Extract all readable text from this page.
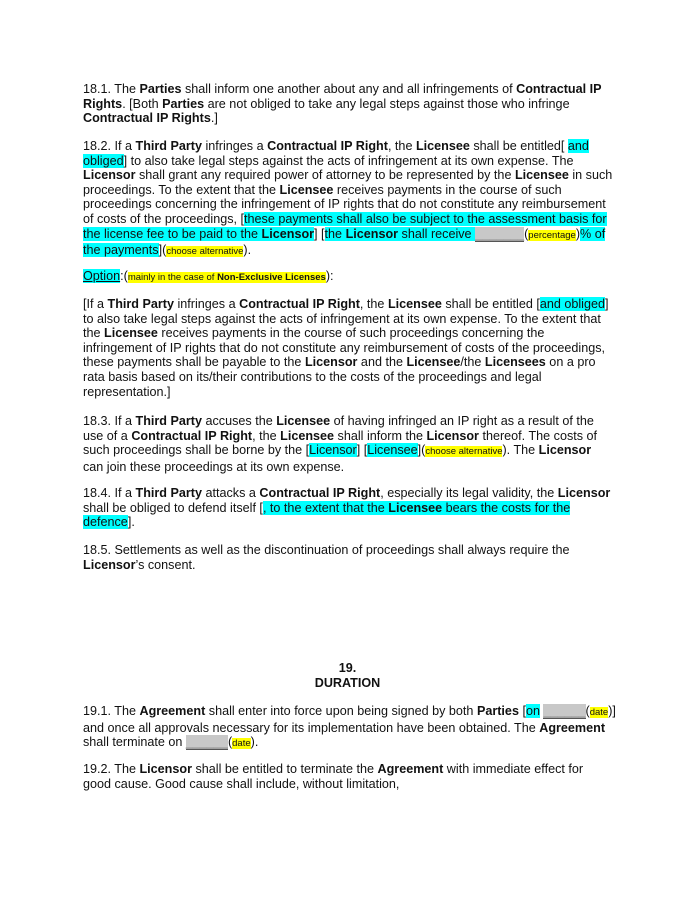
18.1. The Parties shall inform one another about any and all infringements of Contractual IP Rights. [Both Parties are not obliged to take any legal steps against those who infringe Contractual IP Rights.]
18.2. If a Third Party infringes a Contractual IP Right, the Licensee shall be entitled[ and obliged] to also take legal steps against the acts of infringement at its own expense. The Licensor shall grant any required power of attorney to be represented by the Licensee in such proceedings. To the extent that the Licensee receives payments in the course of such proceedings concerning the infringement of IP rights that do not constitute any reimbursement of costs of the proceedings, [these payments shall also be subject to the assessment basis for the license fee to be paid to the Licensor] [the Licensor shall receive _______(percentage)% of the payments](choose alternative).
Option:(mainly in the case of Non-Exclusive Licenses):
[If a Third Party infringes a Contractual IP Right, the Licensee shall be entitled [and obliged] to also take legal steps against the acts of infringement at its own expense. To the extent that the Licensee receives payments in the course of such proceedings concerning the infringement of IP rights that do not constitute any reimbursement of costs of the proceedings, these payments shall be payable to the Licensor and the Licensee/the Licensees on a pro rata basis based on its/their contributions to the costs of the proceedings and legal representation.]
18.3. If a Third Party accuses the Licensee of having infringed an IP right as a result of the use of a Contractual IP Right, the Licensee shall inform the Licensor thereof. The costs of such proceedings shall be borne by the [Licensor] [Licensee](choose alternative). The Licensor can join these proceedings at its own expense.
18.4. If a Third Party attacks a Contractual IP Right, especially its legal validity, the Licensor shall be obliged to defend itself [, to the extent that the Licensee bears the costs for the defence].
18.5. Settlements as well as the discontinuation of proceedings shall always require the Licensor’s consent.
19.
DURATION
19.1. The Agreement shall enter into force upon being signed by both Parties [on ______(date)] and once all approvals necessary for its implementation have been obtained. The Agreement shall terminate on ______(date).
19.2. The Licensor shall be entitled to terminate the Agreement with immediate effect for good cause. Good cause shall include, without limitation,
